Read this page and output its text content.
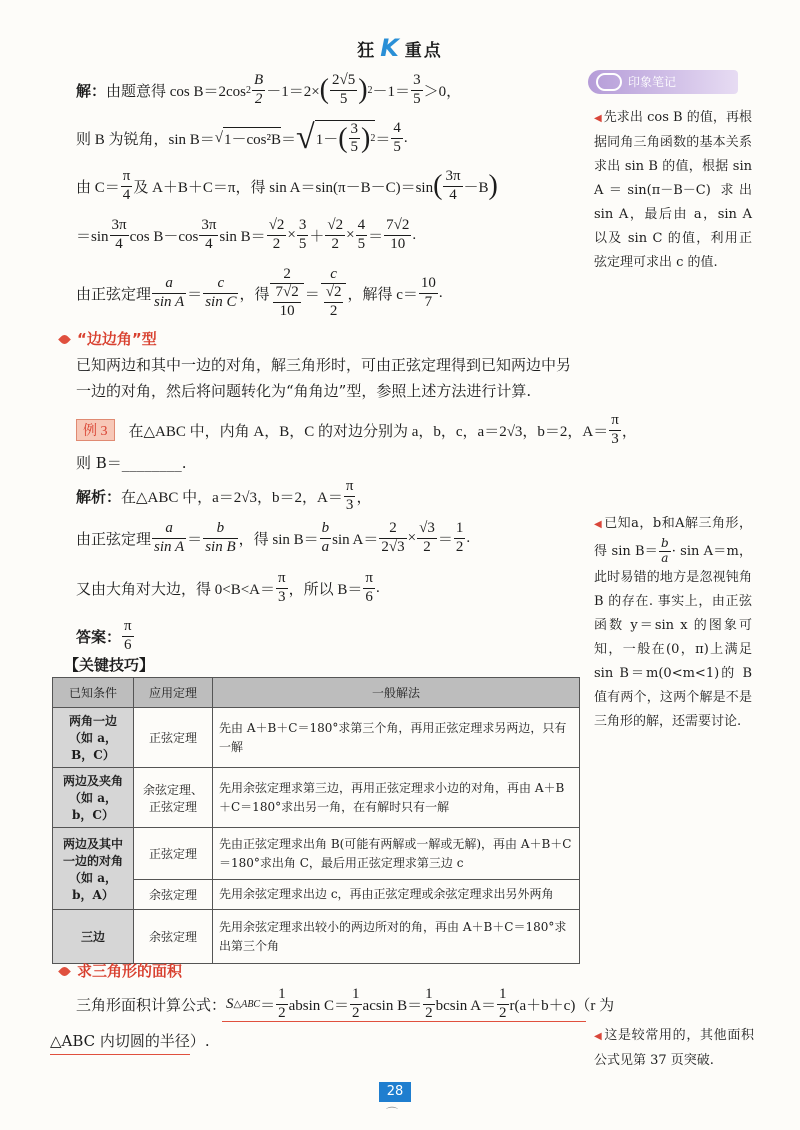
狂 K 重点
解： 由题意得 cos B＝2cos $2 \frac{B}{2} -1=2\times$ ( $\frac{2√5}{5}$ ) $2 -1= \frac{3}{5} >0$，
则 B 为锐角，sin B＝ √ 1－cos²B ＝ √ 1－ ( $\frac{3}{5}$ ) $2 = \frac{4}{5}$ .
由 $C= \frac{\pi}{4}$ 及 A＋B＋C＝π，得 sin A＝sin(π－B－C)＝sin ( $\frac{3\pi}{4} -B$ )
$=\sin \frac{3\pi}{4}$ $\cos B-\cos \frac{3\pi}{4}$ $\sin B= \frac{√2}{2} \times \frac{3}{5} + \frac{√2}{2} \times \frac{4}{5} = \frac{7√2}{10}$ .
由正弦定理 $\frac{a}{\text{sin A}} = \frac{c}{\text{sin C}}$ ，得 $\frac{2}{\frac{7√2}{10}} = \frac{c}{\frac{√2}{2}}$ ，解得 $c= \frac{10}{7}$ .
印象笔记
◀ 先求出 cos B 的值，再根据同角三角函数的基本关系求出 sin B 的值，根据 sin A＝sin(π－B－C) 求出 sin A，最后由 a，sin A 以及 sin C 的值，利用正弦定理可求出 c 的值.
“边边角”型
已知两边和其中一边的对角，解三角形时，可由正弦定理得到已知两边中另一边的对角，然后将问题转化为“角角边”型，参照上述方法进行计算.
例 3	在△ABC 中，内角 A，B，C 的对边分别为 a，b，c，a＝2√3，b＝2，$A= \frac{\pi}{3}$ ，
则 B＝________.
解析： 在△ABC 中，a＝2√3，b＝2，$A= \frac{\pi}{3}$ ，
由正弦定理 $\frac{a}{\text{sin A}} = \frac{b}{\text{sin B}}$ ，得 $\sin B= \frac{b}{a}$ $\sin A= \frac{2}{2√3} \times \frac{√3}{2} = \frac{1}{2}$ .
又由大角对大边，得 $0<B<A= \frac{\pi}{3}$ ，所以 $B= \frac{\pi}{6}$ .
答案： $\frac{\pi}{6}$
◀ 已知a，b和A解三角形，得 $\sin B= \frac{b}{a} \cdot \sin A=m$，此时易错的地方是忽视钝角 B 的存在. 事实上，由正弦函数 y＝sin x 的图象可知，一般在(0，π)上满足 sin B＝m(0<m<1)的 B 值有两个，这两个解是不是三角形的解，还需要讨论.
【关键技巧】
已知条件	应用定理	一般解法
两角一边（如 a，B，C）	正弦定理	先由 A＋B＋C＝180°求第三个角，再用正弦定理求另两边，只有一解
两边及夹角（如 a，b，C）	余弦定理、正弦定理	先用余弦定理求第三边，再用正弦定理求小边的对角，再由 A＋B＋C＝180°求出另一角，在有解时只有一解
两边及其中一边的对角（如 a，b，A）	正弦定理	先由正弦定理求出角 B(可能有两解或一解或无解)，再由 A＋B＋C＝180°求出角 C，最后用正弦定理求第三边 c
	余弦定理	先用余弦定理求出边 c，再由正弦定理或余弦定理求出另外两角
三边	余弦定理	先用余弦定理求出较小的两边所对的角，再由 A＋B＋C＝180°求出第三个角
求三角形的面积
三角形面积计算公式： S △ABC ＝ $\frac{1}{2}$ absin $C= \frac{1}{2}$ acsin $B= \frac{1}{2}$ bcsin $A= \frac{1}{2} r(a+b+c)$ （r 为
△ABC 内切圆的半径）.	◀ 这是较常用的，其他面积公式见第 37 页突破.
28
⌒
